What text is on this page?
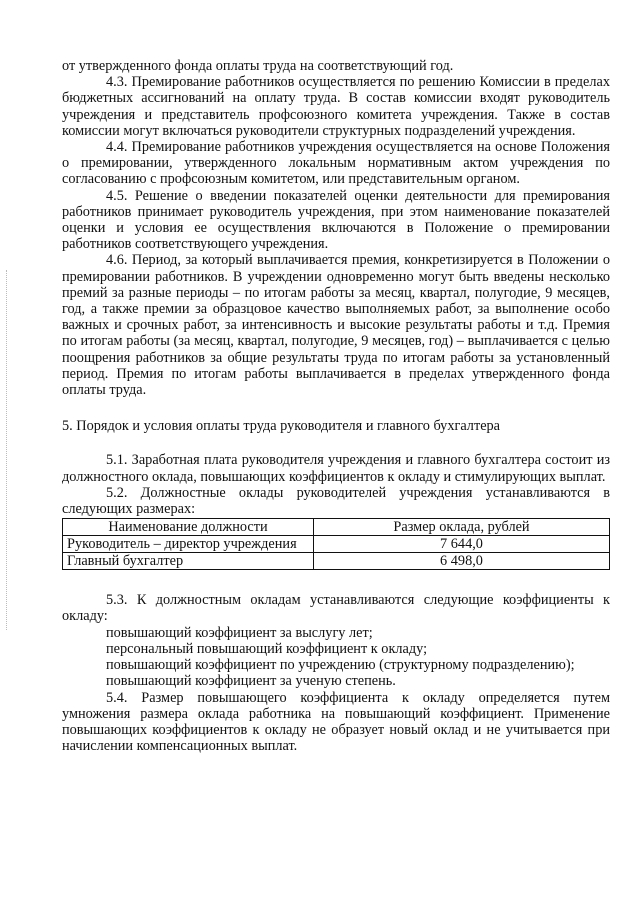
от утвержденного фонда оплаты труда на соответствующий год.

4.3. Премирование работников осуществляется по решению Комиссии в пределах бюджетных ассигнований на оплату труда. В состав комиссии входят руководитель учреждения и представитель профсоюзного комитета учреждения. Также в состав комиссии могут включаться руководители структурных подразделений учреждения.

4.4. Премирование работников учреждения осуществляется на основе Положения о премировании, утвержденного локальным нормативным актом учреждения по согласованию с профсоюзным комитетом, или представительным органом.

4.5. Решение о введении показателей оценки деятельности для премирования работников принимает руководитель учреждения, при этом наименование показателей оценки и условия ее осуществления включаются в Положение о премировании работников соответствующего учреждения.

4.6. Период, за который выплачивается премия, конкретизируется в Положении о премировании работников. В учреждении одновременно могут быть введены несколько премий за разные периоды – по итогам работы за месяц, квартал, полугодие, 9 месяцев, год, а также премии за образцовое качество выполняемых работ, за выполнение особо важных и срочных работ, за интенсивность и высокие результаты работы и т.д. Премия по итогам работы (за месяц, квартал, полугодие, 9 месяцев, год) – выплачивается с целью поощрения работников за общие результаты труда по итогам работы за установленный период. Премия по итогам работы выплачивается в пределах утвержденного фонда оплаты труда.

5. Порядок и условия оплаты труда руководителя и главного бухгалтера

5.1. Заработная плата руководителя учреждения и главного бухгалтера состоит из должностного оклада, повышающих коэффициентов к окладу и стимулирующих выплат.

5.2. Должностные оклады руководителей учреждения устанавливаются в следующих размерах:

Наименование должности	Размер оклада, рублей
Руководитель – директор учреждения	7 644,0
Главный бухгалтер	6 498,0

5.3. К должностным окладам устанавливаются следующие коэффициенты к окладу:

повышающий коэффициент за выслугу лет;

персональный повышающий коэффициент к окладу;

повышающий коэффициент по учреждению (структурному подразделению);

повышающий коэффициент за ученую степень.

5.4. Размер повышающего коэффициента к окладу определяется путем умножения размера оклада работника на повышающий коэффициент. Применение повышающих коэффициентов к окладу не образует новый оклад и не учитывается при начислении компенсационных выплат.
